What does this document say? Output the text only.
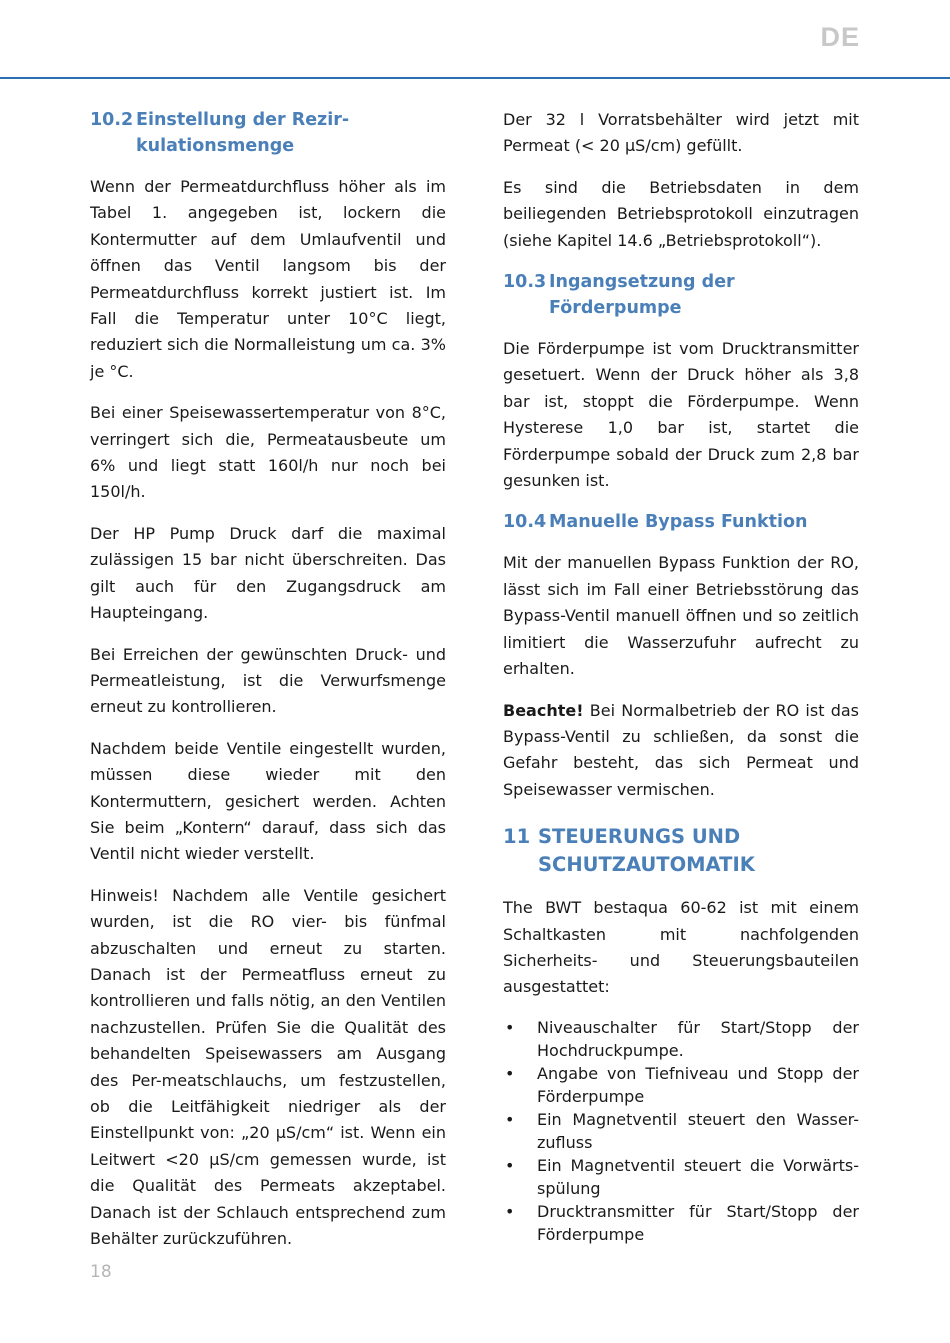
DE
10.2 Einstellung der Rezir-kulationsmenge

Wenn der Permeatdurchfluss höher als im Tabel 1. angegeben ist, lockern die Kontermutter auf dem Umlaufventil und öffnen das Ventil langsom bis der Permeatdurchfluss korrekt justiert ist. Im Fall die Temperatur unter 10°C liegt, reduziert sich die Normalleistung um ca. 3% je °C.

Bei einer Speisewassertemperatur von 8°C, verringert sich die, Permeatausbeute um 6% und liegt statt 160l/h nur noch bei 150l/h.

Der HP Pump Druck darf die maximal zulässigen 15 bar nicht überschreiten. Das gilt auch für den Zugangsdruck am Haupteingang.

Bei Erreichen der gewünschten Druck- und Permeatleistung, ist die Verwurfsmenge erneut zu kontrollieren.

Nachdem beide Ventile eingestellt wurden, müssen diese wieder mit den Kontermuttern, gesichert werden. Achten Sie beim „Kontern“ darauf, dass sich das Ventil nicht wieder verstellt.

Hinweis! Nachdem alle Ventile gesichert wurden, ist die RO vier- bis fünfmal abzuschalten und erneut zu starten. Danach ist der Permeatfluss erneut zu kontrollieren und falls nötig, an den Ventilen nachzustellen. Prüfen Sie die Qualität des behandelten Speisewassers am Ausgang des Per-meatschlauchs, um festzustellen, ob die Leitfähigkeit niedriger als der Einstellpunkt von: „20 µS/cm“ ist. Wenn ein Leitwert <20 µS/cm gemessen wurde, ist die Qualität des Permeats akzeptabel. Danach ist der Schlauch entsprechend zum Behälter zurückzuführen.

Der 32 l Vorratsbehälter wird jetzt mit Permeat (< 20 µS/cm) gefüllt.

Es sind die Betriebsdaten in dem beiliegenden Betriebsprotokoll einzutragen (siehe Kapitel 14.6 „Betriebsprotokoll“).

10.3 Ingangsetzung der Förderpumpe

Die Förderpumpe ist vom Drucktransmitter gesetuert. Wenn der Druck höher als 3,8 bar ist, stoppt die Förderpumpe. Wenn Hysterese 1,0 bar ist, startet die Förderpumpe sobald der Druck zum 2,8 bar gesunken ist.

10.4 Manuelle Bypass Funktion

Mit der manuellen Bypass Funktion der RO, lässt sich im Fall einer Betriebsstörung das Bypass-Ventil manuell öffnen und so zeitlich limitiert die Wasserzufuhr aufrecht zu erhalten.

Beachte! Bei Normalbetrieb der RO ist das Bypass-Ventil zu schließen, da sonst die Gefahr besteht, das sich Permeat und Speisewasser vermischen.

11 STEUERUNGS UND SCHUTZAUTOMATIK

The BWT bestaqua 60-62 ist mit einem Schaltkasten mit nachfolgenden Sicherheits- und Steuerungsbauteilen ausgestattet:

• Niveauschalter für Start/Stopp der Hochdruckpumpe.
• Angabe von Tiefniveau und Stopp der Förderpumpe
• Ein Magnetventil steuert den Wasser-zufluss
• Ein Magnetventil steuert die Vorwärts-spülung
• Drucktransmitter für Start/Stopp der Förderpumpe
18
